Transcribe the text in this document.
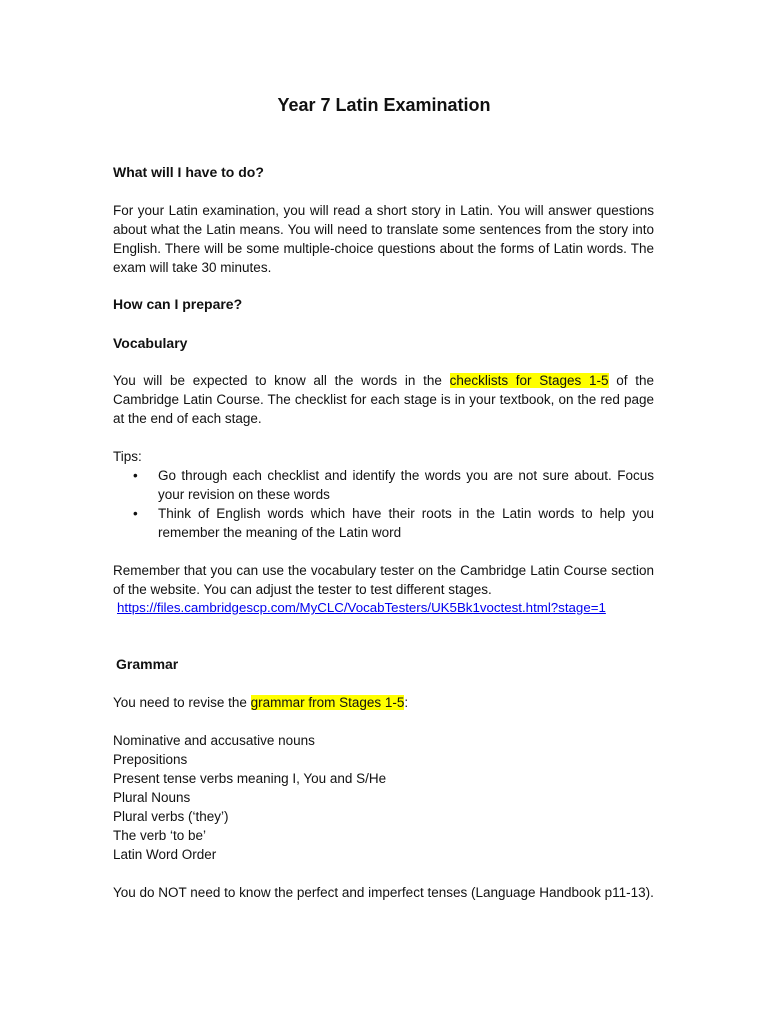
Year 7 Latin Examination
What will I have to do?
For your Latin examination, you will read a short story in Latin. You will answer questions about what the Latin means. You will need to translate some sentences from the story into English. There will be some multiple-choice questions about the forms of Latin words. The exam will take 30 minutes.
How can I prepare?
Vocabulary
You will be expected to know all the words in the checklists for Stages 1-5 of the Cambridge Latin Course. The checklist for each stage is in your textbook, on the red page at the end of each stage.
Tips:
• Go through each checklist and identify the words you are not sure about. Focus your revision on these words
• Think of English words which have their roots in the Latin words to help you remember the meaning of the Latin word
Remember that you can use the vocabulary tester on the Cambridge Latin Course section of the website. You can adjust the tester to test different stages.
https://files.cambridgescp.com/MyCLC/VocabTesters/UK5Bk1voctest.html?stage=1
Grammar
You need to revise the grammar from Stages 1-5:
Nominative and accusative nouns
Prepositions
Present tense verbs meaning I, You and S/He
Plural Nouns
Plural verbs (‘they’)
The verb ‘to be’
Latin Word Order
You do NOT need to know the perfect and imperfect tenses (Language Handbook p11-13).
